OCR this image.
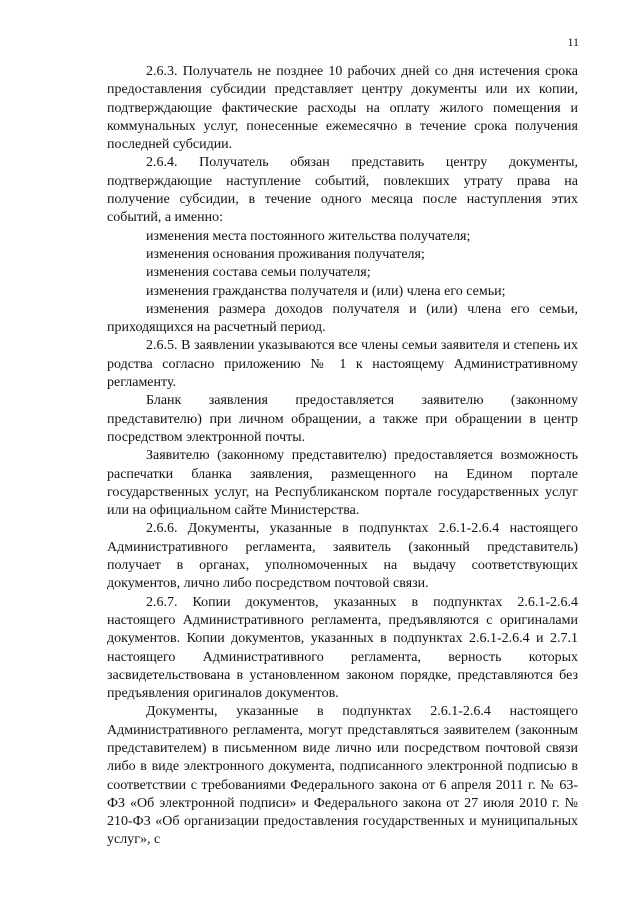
11

2.6.3. Получатель не позднее 10 рабочих дней со дня истечения срока предоставления субсидии представляет центру документы или их копии, подтверждающие фактические расходы на оплату жилого помещения и коммунальных услуг, понесенные ежемесячно в течение срока получения последней субсидии.

2.6.4. Получатель обязан представить центру документы, подтверждающие наступление событий, повлекших утрату права на получение субсидии, в течение одного месяца после наступления этих событий, а именно:

изменения места постоянного жительства получателя;

изменения основания проживания получателя;

изменения состава семьи получателя;

изменения гражданства получателя и (или) члена его семьи;

изменения размера доходов получателя и (или) члена его семьи, приходящихся на расчетный период.

2.6.5. В заявлении указываются все члены семьи заявителя и степень их родства согласно приложению № 1 к настоящему Административному регламенту.

Бланк заявления предоставляется заявителю (законному представителю) при личном обращении, а также при обращении в центр посредством электронной почты.

Заявителю (законному представителю) предоставляется возможность распечатки бланка заявления, размещенного на Едином портале государственных услуг, на Республиканском портале государственных услуг или на официальном сайте Министерства.

2.6.6. Документы, указанные в подпунктах 2.6.1-2.6.4 настоящего Административного регламента, заявитель (законный представитель) получает в органах, уполномоченных на выдачу соответствующих документов, лично либо посредством почтовой связи.

2.6.7. Копии документов, указанных в подпунктах 2.6.1-2.6.4 настоящего Административного регламента, предъявляются с оригиналами документов. Копии документов, указанных в подпунктах 2.6.1-2.6.4 и 2.7.1 настоящего Административного регламента, верность которых засвидетельствована в установленном законом порядке, представляются без предъявления оригиналов документов.

Документы, указанные в подпунктах 2.6.1-2.6.4 настоящего Административного регламента, могут представляться заявителем (законным представителем) в письменном виде лично или посредством почтовой связи либо в виде электронного документа, подписанного электронной подписью в соответствии с требованиями Федерального закона от 6 апреля 2011 г. № 63-ФЗ «Об электронной подписи» и Федерального закона от 27 июля 2010 г. № 210-ФЗ «Об организации предоставления государственных и муниципальных услуг», с
